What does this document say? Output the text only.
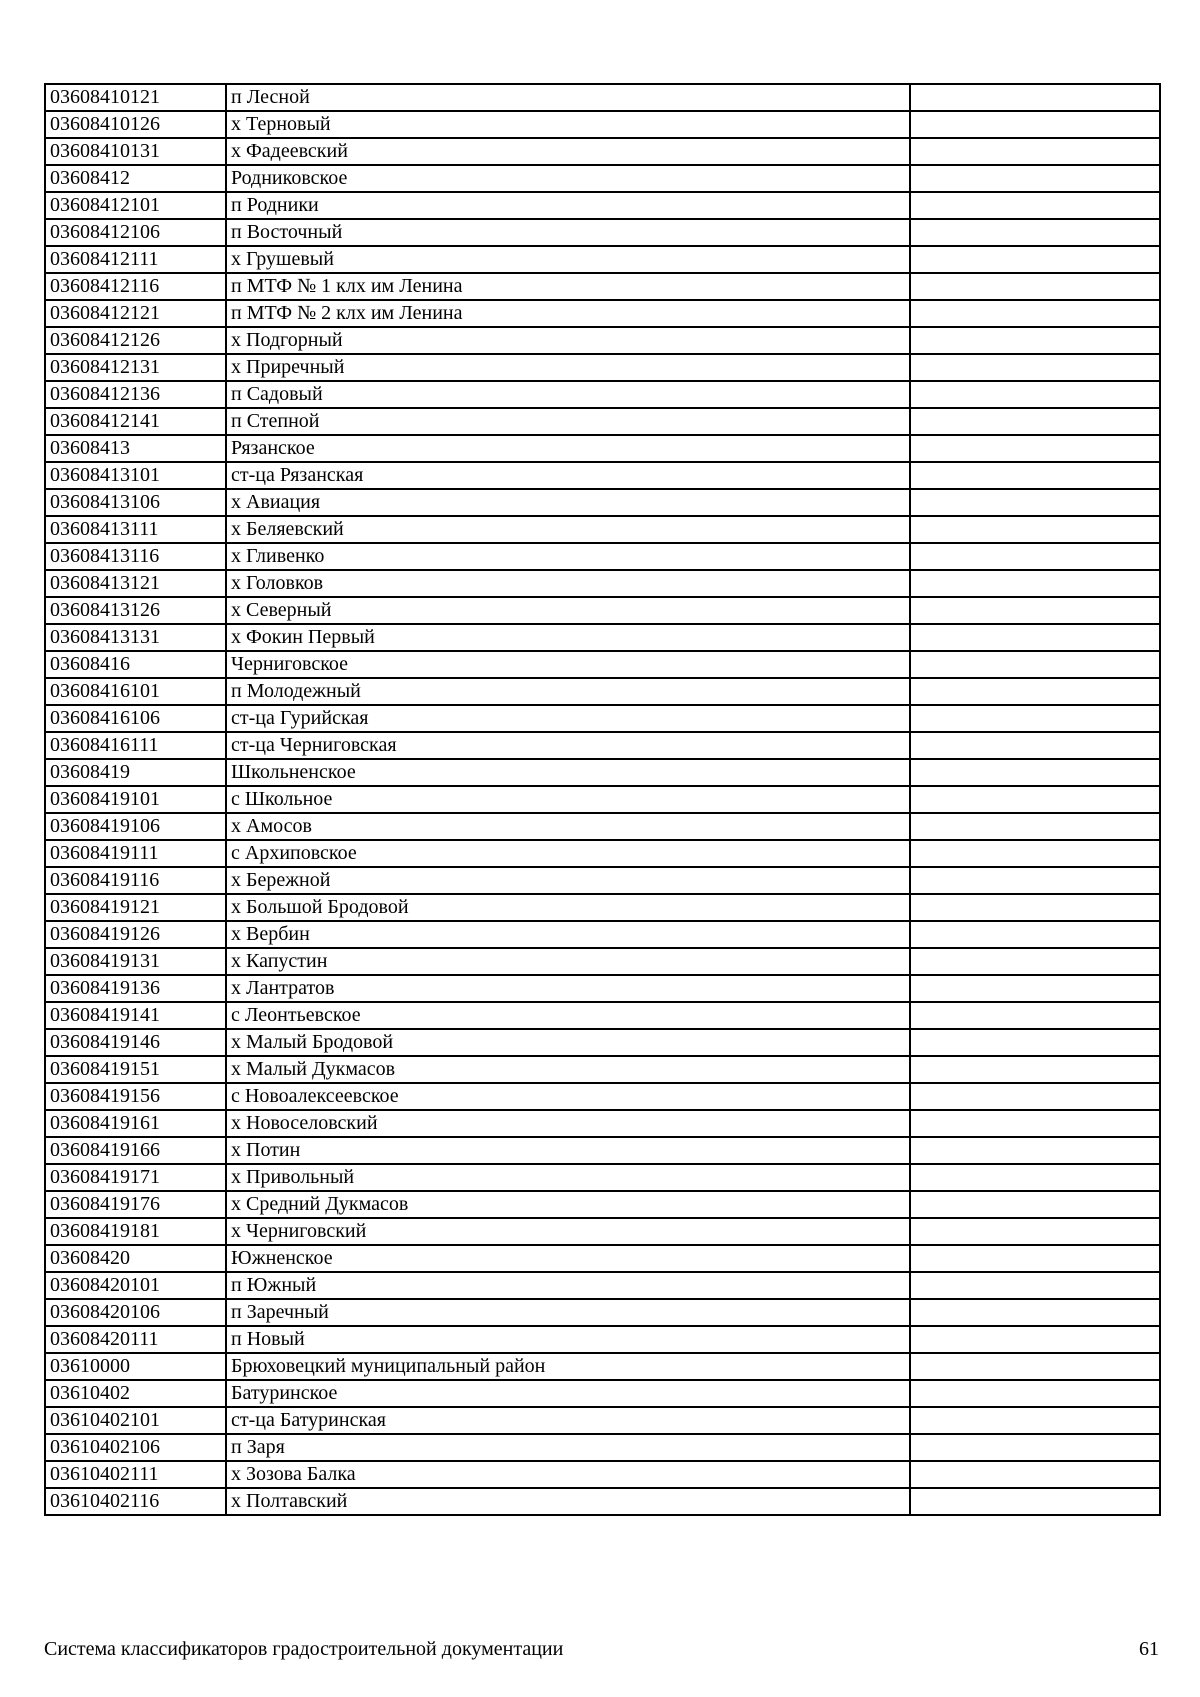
03608410121	п Лесной	
03608410126	х Терновый	
03608410131	х Фадеевский	
03608412	Родниковское	
03608412101	п Родники	
03608412106	п Восточный	
03608412111	х Грушевый	
03608412116	п МТФ № 1 клх им Ленина	
03608412121	п МТФ № 2 клх им Ленина	
03608412126	х Подгорный	
03608412131	х Приречный	
03608412136	п Садовый	
03608412141	п Степной	
03608413	Рязанское	
03608413101	ст-ца Рязанская	
03608413106	х Авиация	
03608413111	х Беляевский	
03608413116	х Гливенко	
03608413121	х Головков	
03608413126	х Северный	
03608413131	х Фокин Первый	
03608416	Черниговское	
03608416101	п Молодежный	
03608416106	ст-ца Гурийская	
03608416111	ст-ца Черниговская	
03608419	Школьненское	
03608419101	с Школьное	
03608419106	х Амосов	
03608419111	с Архиповское	
03608419116	х Бережной	
03608419121	х Большой Бродовой	
03608419126	х Вербин	
03608419131	х Капустин	
03608419136	х Лантратов	
03608419141	с Леонтьевское	
03608419146	х Малый Бродовой	
03608419151	х Малый Дукмасов	
03608419156	с Новоалексеевское	
03608419161	х Новоселовский	
03608419166	х Потин	
03608419171	х Привольный	
03608419176	х Средний Дукмасов	
03608419181	х Черниговский	
03608420	Южненское	
03608420101	п Южный	
03608420106	п Заречный	
03608420111	п Новый	
03610000	Брюховецкий муниципальный район	
03610402	Батуринское	
03610402101	ст-ца Батуринская	
03610402106	п Заря	
03610402111	х Зозова Балка	
03610402116	х Полтавский	
Система классификаторов градостроительной документации	61
